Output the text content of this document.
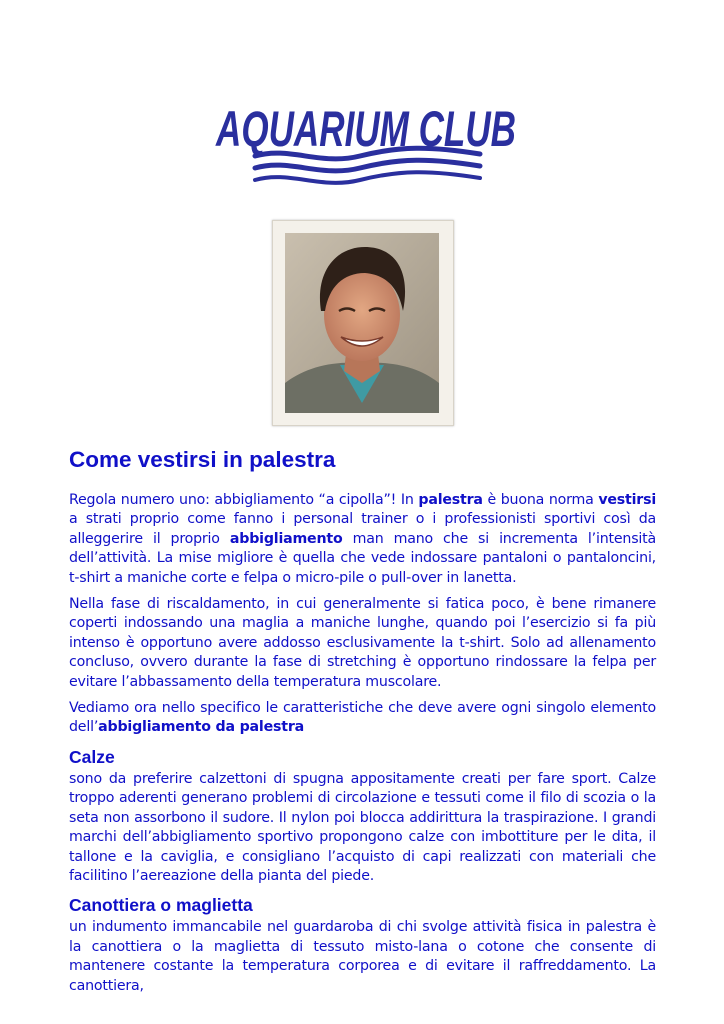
AQUARIUM CLUB
Come vestirsi in palestra

Regola numero uno: abbigliamento “a cipolla”! In palestra è buona norma vestirsi a strati proprio come fanno i personal trainer o i professionisti sportivi così da alleggerire il proprio abbigliamento man mano che si incrementa l’intensità dell’attività. La mise migliore è quella che vede indossare pantaloni o pantaloncini, t-shirt a maniche corte e felpa o micro-pile o pull-over in lanetta.

Nella fase di riscaldamento, in cui generalmente si fatica poco, è bene rimanere coperti indossando una maglia a maniche lunghe, quando poi l’esercizio si fa più intenso è opportuno avere addosso esclusivamente la t-shirt. Solo ad allenamento concluso, ovvero durante la fase di stretching è opportuno rindossare la felpa per evitare l’abbassamento della temperatura muscolare.

Vediamo ora nello specifico le caratteristiche che deve avere ogni singolo elemento dell’abbigliamento da palestra

Calze

sono da preferire calzettoni di spugna appositamente creati per fare sport. Calze troppo aderenti generano problemi di circolazione e tessuti come il filo di scozia o la seta non assorbono il sudore. Il nylon poi blocca addirittura la traspirazione. I grandi marchi dell’abbigliamento sportivo propongono calze con imbottiture per le dita, il tallone e la caviglia, e consigliano l’acquisto di capi realizzati con materiali che facilitino l’aereazione della pianta del piede.

Canottiera o maglietta

un indumento immancabile nel guardaroba di chi svolge attività fisica in palestra è la canottiera o la maglietta di tessuto misto-lana o cotone che consente di mantenere costante la temperatura corporea e di evitare il raffreddamento. La canottiera,
